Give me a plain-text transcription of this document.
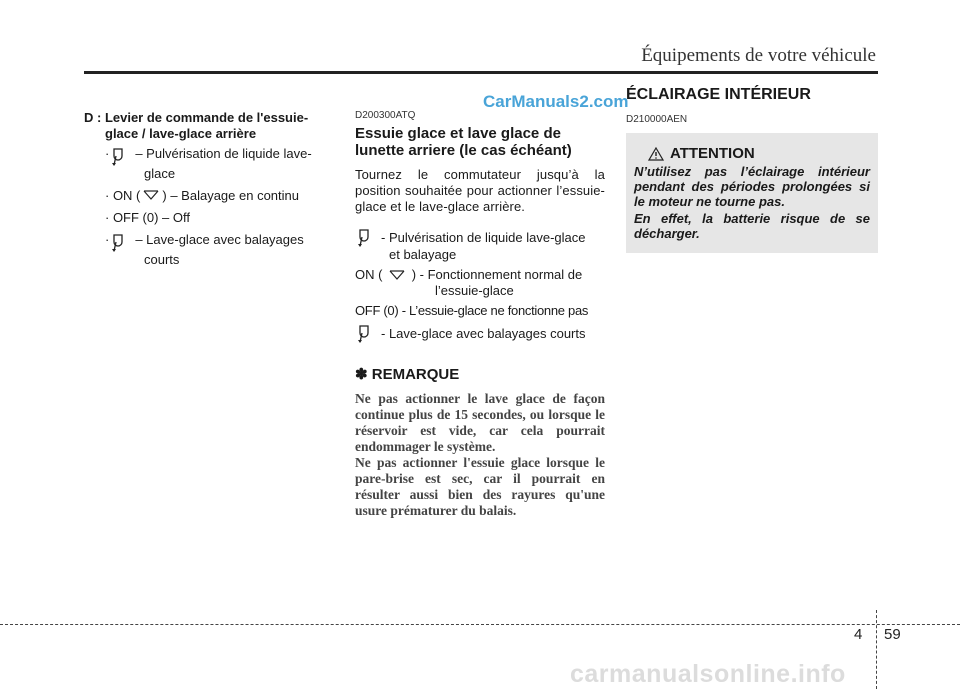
Équipements de votre véhicule
CarManuals2.com
D : Levier de commande de l'essuie-
glace / lave-glace arrière
· – Pulvérisation de liquide lave-
glace
· ON ( ) – Balayage en continu
· OFF (0) – Off
· – Lave-glace avec balayages
courts
D200300ATQ
Essuie glace et lave glace de
lunette arriere (le cas échéant)
Tournez le commutateur jusqu’à la position souhaitée pour actionner l’essuie-glace et le lave-glace arrière.
- Pulvérisation de liquide lave-glace
et balayage
ON ( ) - Fonctionnement normal de
l’essuie-glace
OFF (0) - L’essuie-glace ne fonctionne pas
- Lave-glace avec balayages courts
✽ REMARQUE
Ne pas actionner le lave glace de façon continue plus de 15 secondes, ou lorsque le réservoir est vide, car cela pourrait endommager le système.
Ne pas actionner l'essuie glace lorsque le pare-brise est sec, car il pourrait en résulter aussi bien des rayures qu'une usure prématurer du balais.
ÉCLAIRAGE INTÉRIEUR
D210000AEN
ATTENTION
N’utilisez pas l’éclairage intérieur pendant des périodes prolongées si le moteur ne tourne pas.
En effet, la batterie risque de se décharger.
4 59
carmanualsonline.info
